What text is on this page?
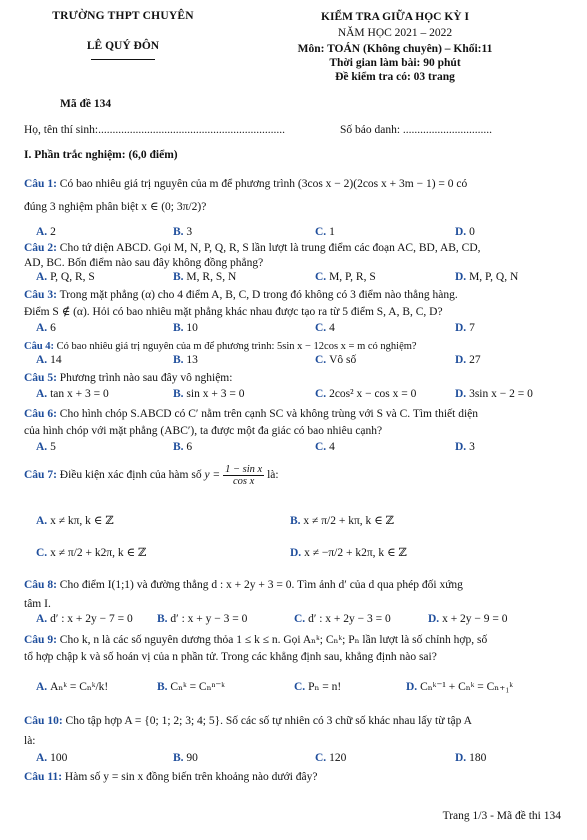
TRƯỜNG THPT CHUYÊN
LÊ QUÝ ĐÔN
Mã đề 134
KIỂM TRA GIỮA HỌC KỲ I
NĂM HỌC 2021 – 2022
Môn: TOÁN (Không chuyên) – Khối:11
Thời gian làm bài: 90 phút
Đề kiểm tra có: 03 trang
Họ, tên thí sinh:.................................................................	Số báo danh: ...............................
I. Phần trắc nghiệm: (6,0 điểm)
Câu 1: Có bao nhiêu giá trị nguyên của m để phương trình (3cos x − 2)(2cos x + 3m − 1) = 0 có
đúng 3 nghiệm phân biệt x ∈ (0; 3π/2)?
A. 2	B. 3	C. 1	D. 0
Câu 2: Cho tứ diện ABCD. Gọi M, N, P, Q, R, S lần lượt là trung điểm các đoạn AC, BD, AB, CD,
AD, BC. Bốn điểm nào sau đây không đồng phẳng?
A. P, Q, R, S	B. M, R, S, N	C. M, P, R, S	D. M, P, Q, N
Câu 3: Trong mặt phẳng (α) cho 4 điểm A, B, C, D trong đó không có 3 điểm nào thẳng hàng.
Điểm S ∉ (α). Hỏi có bao nhiêu mặt phẳng khác nhau được tạo ra từ 5 điểm S, A, B, C, D?
A. 6	B. 10	C. 4	D. 7
Câu 4: Có bao nhiêu giá trị nguyên của m để phương trình: 5sin x − 12cos x = m có nghiệm?
A. 14	B. 13	C. Vô số	D. 27
Câu 5: Phương trình nào sau đây vô nghiệm:
A. tan x + 3 = 0	B. sin x + 3 = 0	C. 2cos² x − cos x = 0	D. 3sin x − 2 = 0
Câu 6: Cho hình chóp S.ABCD có C′ nằm trên cạnh SC và không trùng với S và C. Tìm thiết diện
của hình chóp với mặt phẳng (ABC′), ta được một đa giác có bao nhiêu cạnh?
A. 5	B. 6	C. 4	D. 3
Câu 7: Điều kiện xác định của hàm số $y = \frac{\text{1 − sin x}}{\text{cos x}}$ là:
A. x ≠ kπ, k ∈ ℤ	B. x ≠ π/2 + kπ, k ∈ ℤ
C. x ≠ π/2 + k2π, k ∈ ℤ	D. x ≠ −π/2 + k2π, k ∈ ℤ
Câu 8: Cho điểm I(1;1) và đường thẳng d : x + 2y + 3 = 0. Tìm ảnh d′ của d qua phép đối xứng
tâm I.
A. d′ : x + 2y − 7 = 0 B. d′ : x + y − 3 = 0	C. d′ : x + 2y − 3 = 0	D. x + 2y − 9 = 0
Câu 9: Cho k, n là các số nguyên dương thỏa 1 ≤ k ≤ n. Gọi Aₙᵏ; Cₙᵏ; Pₙ lần lượt là số chỉnh hợp, số
tổ hợp chập k và số hoán vị của n phần tử. Trong các khẳng định sau, khẳng định nào sai?
A. Aₙᵏ = Cₙᵏ/k!	B. Cₙᵏ = Cₙⁿ⁻ᵏ	C. Pₙ = n!	D. Cₙᵏ⁻¹ + Cₙᵏ = Cₙ₊₁ᵏ
Câu 10: Cho tập hợp A = {0; 1; 2; 3; 4; 5}. Số các số tự nhiên có 3 chữ số khác nhau lấy từ tập A
là:
A. 100	B. 90	C. 120	D. 180
Câu 11: Hàm số y = sin x đồng biến trên khoảng nào dưới đây?
Trang 1/3 - Mã đề thi 134
